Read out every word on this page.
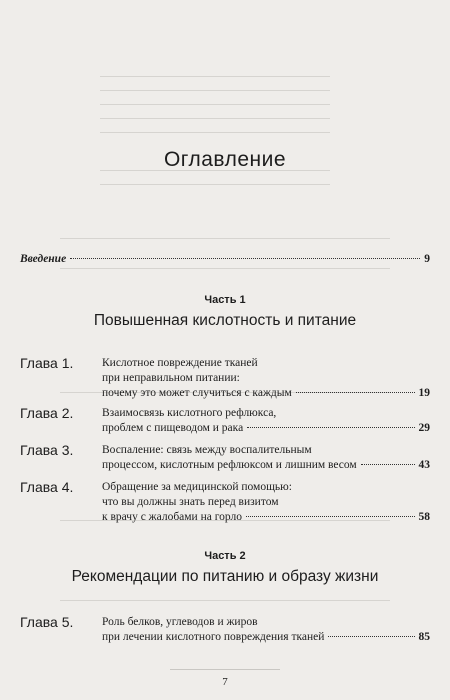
Оглавление
Введение	9
Часть 1
Повышенная кислотность и питание
Глава 1. Кислотное повреждение тканей
при неправильном питании:
почему это может случиться с каждым	19
Глава 2. Взаимосвязь кислотного рефлюкса,
проблем с пищеводом и рака	29
Глава 3. Воспаление: связь между воспалительным
процессом, кислотным рефлюксом и лишним весом	43
Глава 4. Обращение за медицинской помощью:
что вы должны знать перед визитом
к врачу с жалобами на горло	58
Часть 2
Рекомендации по питанию и образу жизни
Глава 5. Роль белков, углеводов и жиров
при лечении кислотного повреждения тканей	85
7
